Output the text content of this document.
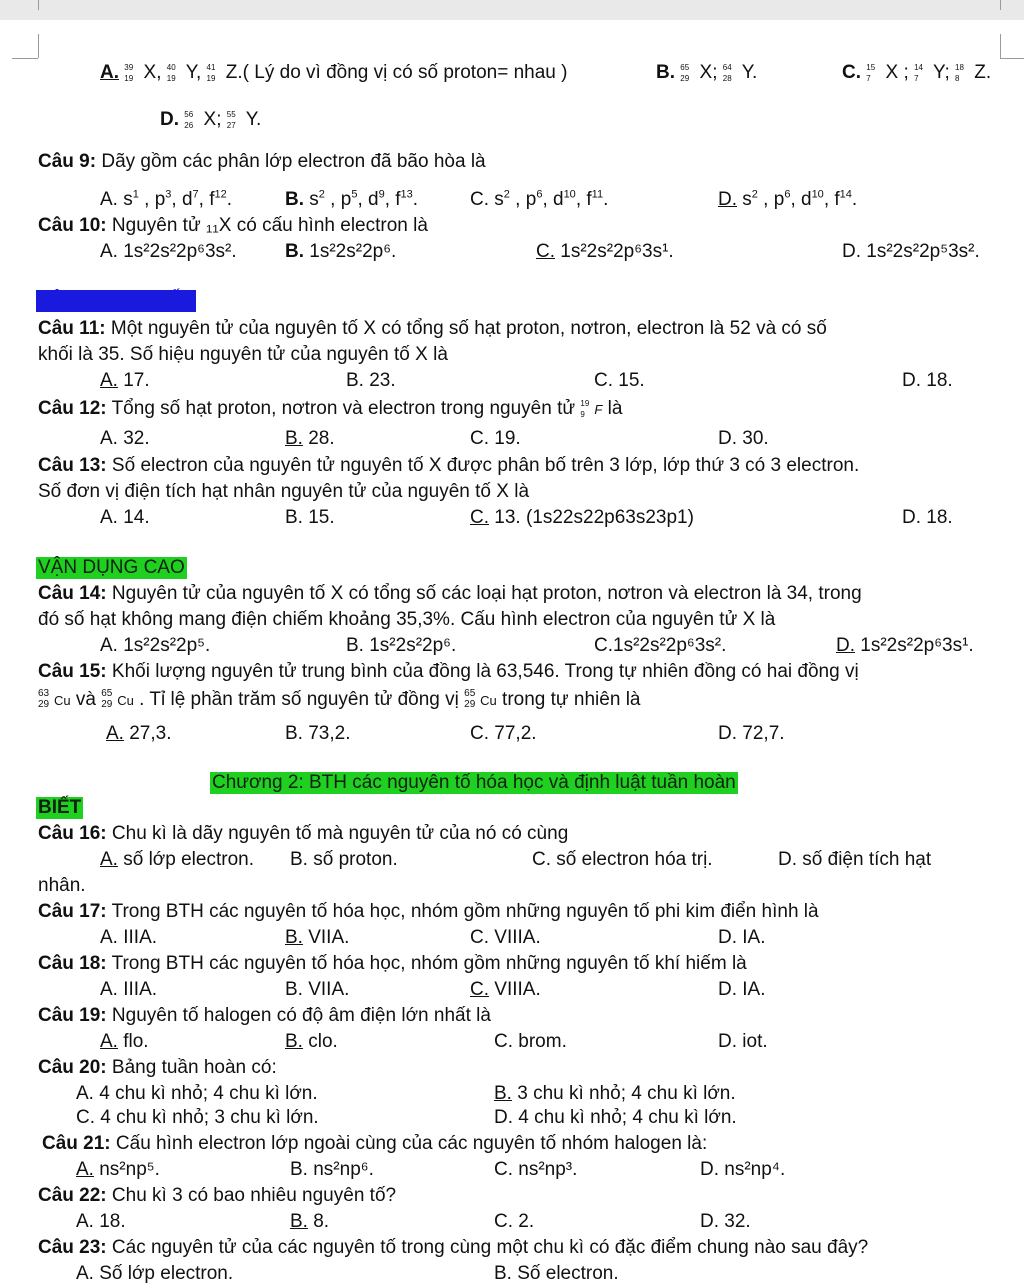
A. 39
19 X, 40
19 Y, 41
19 Z.( Lý do vì đồng vị có số proton= nhau )	B. 65
29 X; 64
28 Y.	C. 15
7 X ; 14
7 Y; 18
8 Z.
D. 56
26 X; 55
27 Y.
Câu 9: Dãy gồm các phân lớp electron đã bão hòa là
A. $s^1$ , $p^3$, $d^7$, $f^{12}$.	B. $s^2$ , $p^5$, $d^9$, $f^{13}$.	C. $s^2$ , $p^6$, $d^{10}$, $f^{11}$.	D. $s^2$ , $p^6$, $d^{10}$, $f^{14}$.
Câu 10: Nguyên tử ₁₁X có cấu hình electron là
A. 1s²2s²2p⁶3s².	B. 1s²2s²2p⁶.	C. 1s²2s²2p⁶3s¹.	D. 1s²2s²2p⁵3s².
VẬN DỤNG THẤP
Câu 11: Một nguyên tử của nguyên tố X có tổng số hạt proton, nơtron, electron là 52 và có số
khối là 35. Số hiệu nguyên tử của nguyên tố X là
A. 17.	B. 23.	C. 15.	D. 18.
Câu 12: Tổng số hạt proton, nơtron và electron trong nguyên tử 19
9 F là
A. 32.	B. 28.	C. 19.	D. 30.
Câu 13: Số electron của nguyên tử nguyên tố X được phân bố trên 3 lớp, lớp thứ 3 có 3 electron.
Số đơn vị điện tích hạt nhân nguyên tử của nguyên tố X là
A. 14.	B. 15.	C. 13. (1s22s22p63s23p1)	D. 18.
VẬN DỤNG CAO
Câu 14: Nguyên tử của nguyên tố X có tổng số các loại hạt proton, nơtron và electron là 34, trong
đó số hạt không mang điện chiếm khoảng 35,3%. Cấu hình electron của nguyên tử X là
A. 1s²2s²2p⁵.	B. 1s²2s²2p⁶.	C.1s²2s²2p⁶3s².	D. 1s²2s²2p⁶3s¹.
Câu 15: Khối lượng nguyên tử trung bình của đồng là 63,546. Trong tự nhiên đồng có hai đồng vị
63
29 Cu và 65
29 Cu . Tỉ lệ phần trăm số nguyên tử đồng vị 65
29 Cu trong tự nhiên là
A. 27,3.	B. 73,2.	C. 77,2.	D. 72,7.
Chương 2: BTH các nguyên tố hóa học và định luật tuần hoàn
BIẾT
Câu 16: Chu kì là dãy nguyên tố mà nguyên tử của nó có cùng
A. số lớp electron. B. số proton.	C. số electron hóa trị.	D. số điện tích hạt
nhân.
Câu 17: Trong BTH các nguyên tố hóa học, nhóm gồm những nguyên tố phi kim điển hình là
A. IIIA.	B. VIIA.	C. VIIIA.	D. IA.
Câu 18: Trong BTH các nguyên tố hóa học, nhóm gồm những nguyên tố khí hiếm là
A. IIIA.	B. VIIA.	C. VIIIA.	D. IA.
Câu 19: Nguyên tố halogen có độ âm điện lớn nhất là
A. flo.	B. clo.	C. brom.	D. iot.
Câu 20: Bảng tuần hoàn có:
A. 4 chu kì nhỏ; 4 chu kì lớn.	B. 3 chu kì nhỏ; 4 chu kì lớn.
C. 4 chu kì nhỏ; 3 chu kì lớn.	D. 4 chu kì nhỏ; 4 chu kì lớn.
Câu 21: Cấu hình electron lớp ngoài cùng của các nguyên tố nhóm halogen là:
A. ns²np⁵.	B. ns²np⁶.	C. ns²np³.	D. ns²np⁴.
Câu 22: Chu kì 3 có bao nhiêu nguyên tố?
A. 18.	B. 8.	C. 2.	D. 32.
Câu 23: Các nguyên tử của các nguyên tố trong cùng một chu kì có đặc điểm chung nào sau đây?
A. Số lớp electron.	B. Số electron.
